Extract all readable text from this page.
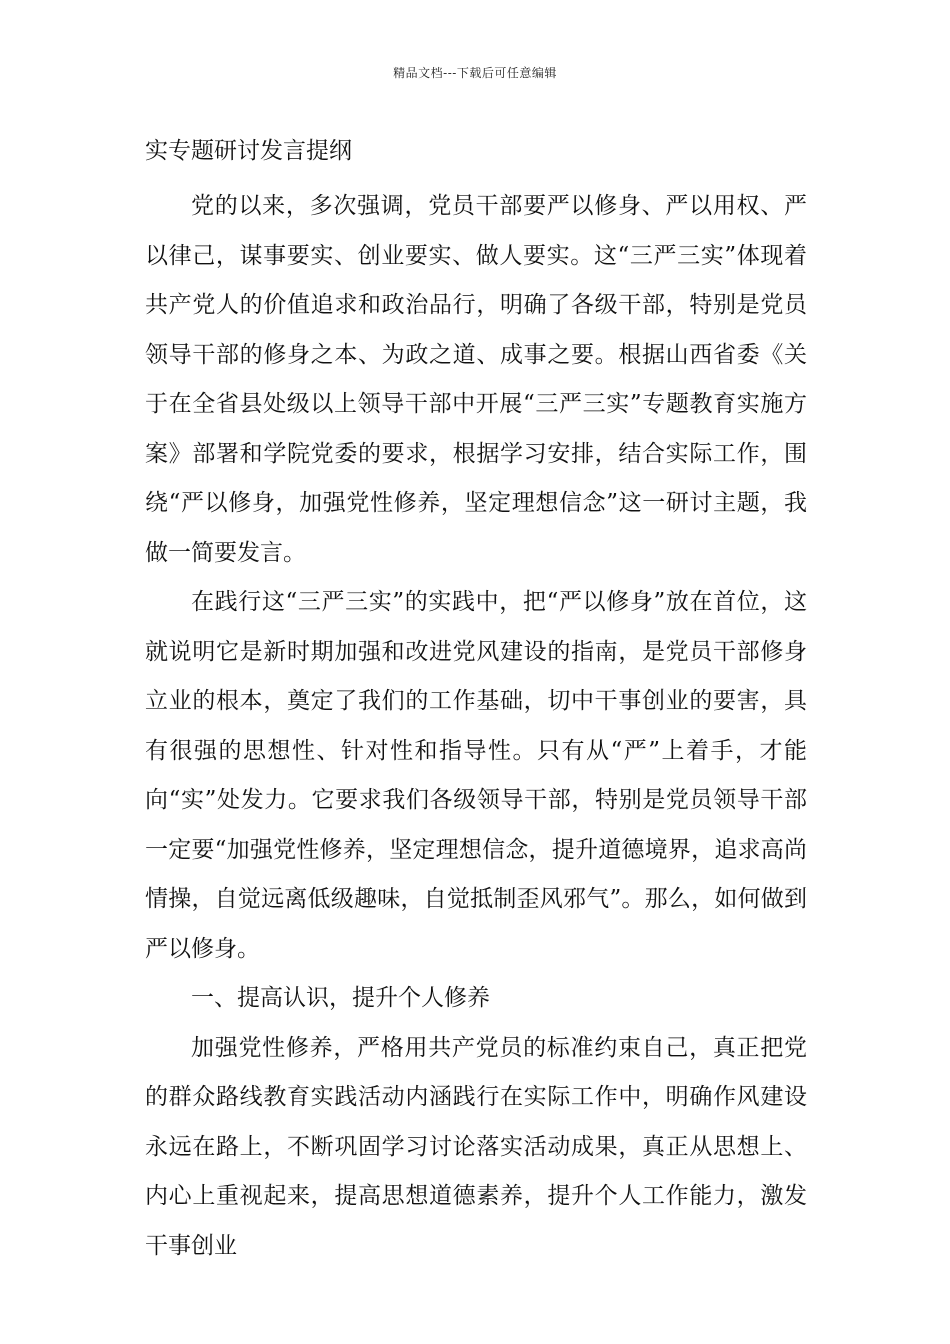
精品文档---下载后可任意编辑
实专题研讨发言提纲

党的以来，多次强调，党员干部要严以修身、严以用权、严以律己，谋事要实、创业要实、做人要实。这“三严三实”体现着共产党人的价值追求和政治品行，明确了各级干部，特别是党员领导干部的修身之本、为政之道、成事之要。根据山西省委《关于在全省县处级以上领导干部中开展“三严三实”专题教育实施方案》部署和学院党委的要求，根据学习安排，结合实际工作，围绕“严以修身，加强党性修养，坚定理想信念”这一研讨主题，我做一简要发言。

在践行这“三严三实”的实践中，把“严以修身”放在首位，这就说明它是新时期加强和改进党风建设的指南，是党员干部修身立业的根本，奠定了我们的工作基础，切中干事创业的要害，具有很强的思想性、针对性和指导性。只有从“严”上着手，才能向“实”处发力。它要求我们各级领导干部，特别是党员领导干部一定要“加强党性修养，坚定理想信念，提升道德境界，追求高尚情操，自觉远离低级趣味，自觉抵制歪风邪气”。那么，如何做到严以修身。

一、提高认识，提升个人修养

加强党性修养，严格用共产党员的标准约束自己，真正把党的群众路线教育实践活动内涵践行在实际工作中，明确作风建设永远在路上，不断巩固学习讨论落实活动成果，真正从思想上、内心上重视起来，提高思想道德素养，提升个人工作能力，激发干事创业
